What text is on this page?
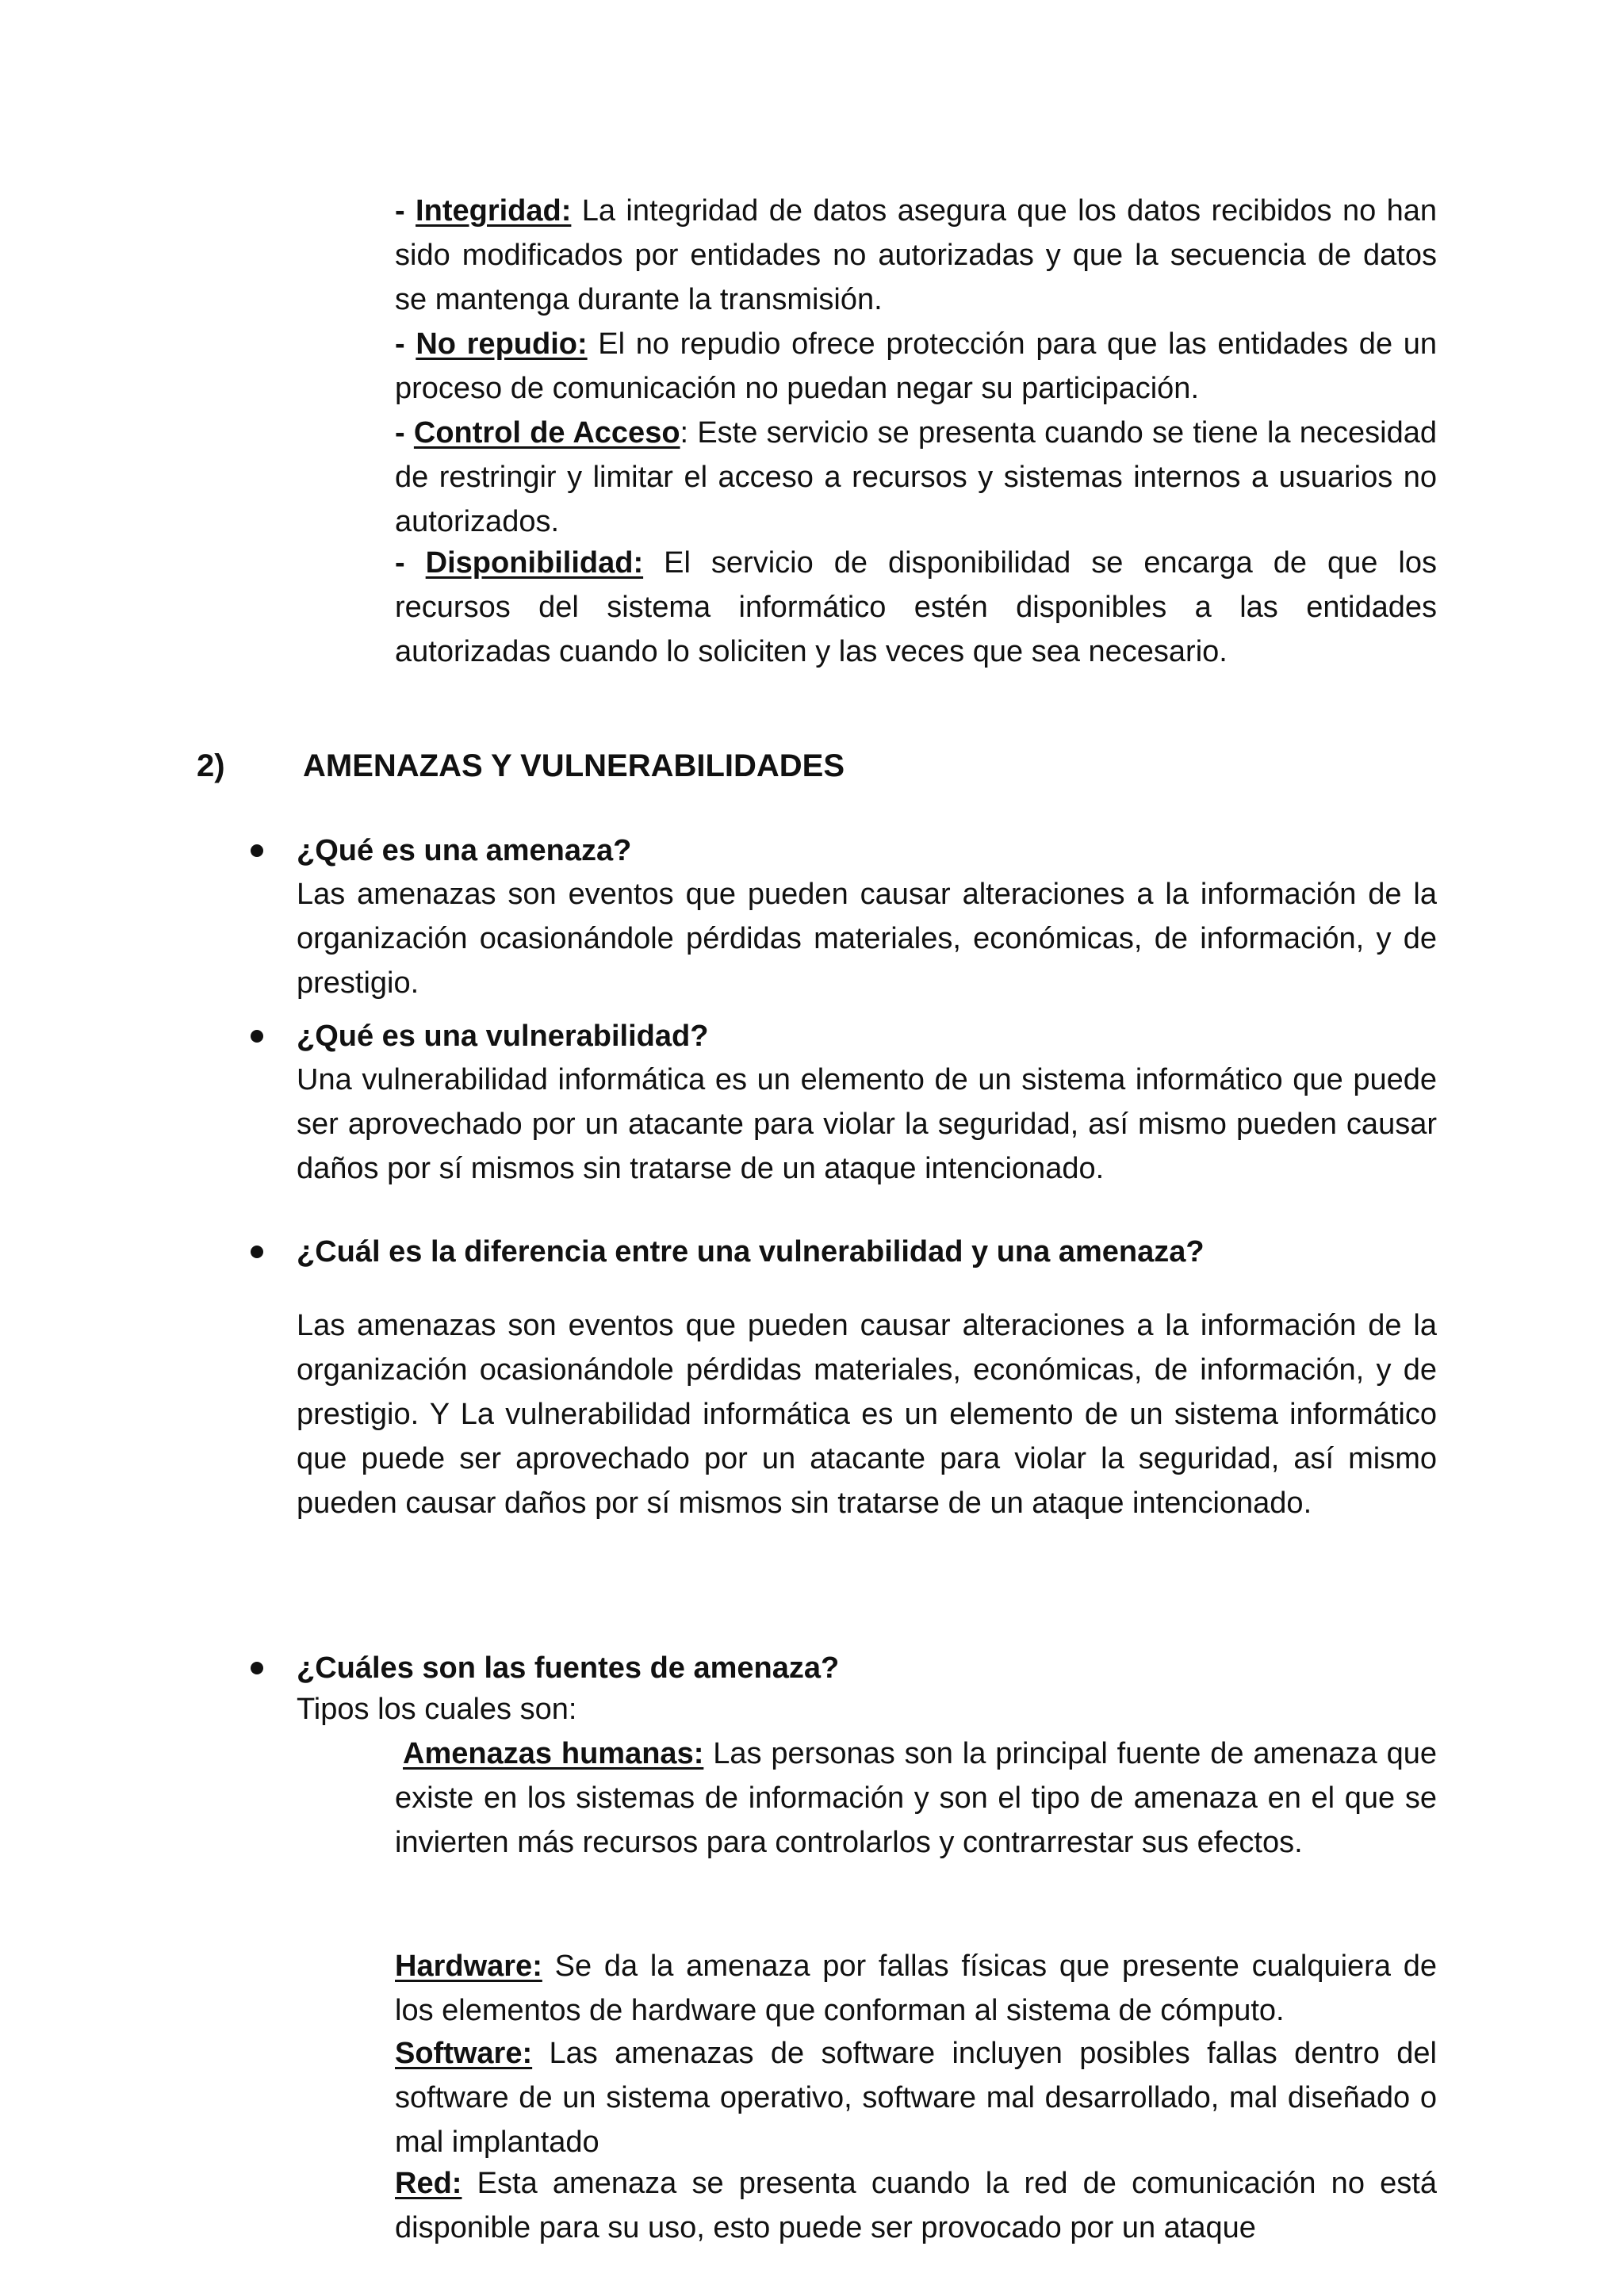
- Integridad: La integridad de datos asegura que los datos recibidos no han sido modificados por entidades no autorizadas y que la secuencia de datos se mantenga durante la transmisión.

- No repudio: El no repudio ofrece protección para que las entidades de un proceso de comunicación no puedan negar su participación.

- Control de Acceso: Este servicio se presenta cuando se tiene la necesidad de restringir y limitar el acceso a recursos y sistemas internos a usuarios no autorizados.

- Disponibilidad: El servicio de disponibilidad se encarga de que los recursos del sistema informático estén disponibles a las entidades autorizadas cuando lo soliciten y las veces que sea necesario.

2) AMENAZAS Y VULNERABILIDADES
¿Qué es una amenaza?

Las amenazas son eventos que pueden causar alteraciones a la información de la organización ocasionándole pérdidas materiales, económicas, de información, y de prestigio.

¿Qué es una vulnerabilidad?

Una vulnerabilidad informática es un elemento de un sistema informático que puede ser aprovechado por un atacante para violar la seguridad, así mismo pueden causar daños por sí mismos sin tratarse de un ataque intencionado.

¿Cuál es la diferencia entre una vulnerabilidad y una amenaza?

Las amenazas son eventos que pueden causar alteraciones a la información de la organización ocasionándole pérdidas materiales, económicas, de información, y de prestigio. Y La vulnerabilidad informática es un elemento de un sistema informático que puede ser aprovechado por un atacante para violar la seguridad, así mismo pueden causar daños por sí mismos sin tratarse de un ataque intencionado.

¿Cuáles son las fuentes de amenaza?

Tipos los cuales son:

Amenazas humanas: Las personas son la principal fuente de amenaza que existe en los sistemas de información y son el tipo de amenaza en el que se invierten más recursos para controlarlos y contrarrestar sus efectos.

Hardware: Se da la amenaza por fallas físicas que presente cualquiera de los elementos de hardware que conforman al sistema de cómputo.

Software: Las amenazas de software incluyen posibles fallas dentro del software de un sistema operativo, software mal desarrollado, mal diseñado o mal implantado

Red: Esta amenaza se presenta cuando la red de comunicación no está disponible para su uso, esto puede ser provocado por un ataque
